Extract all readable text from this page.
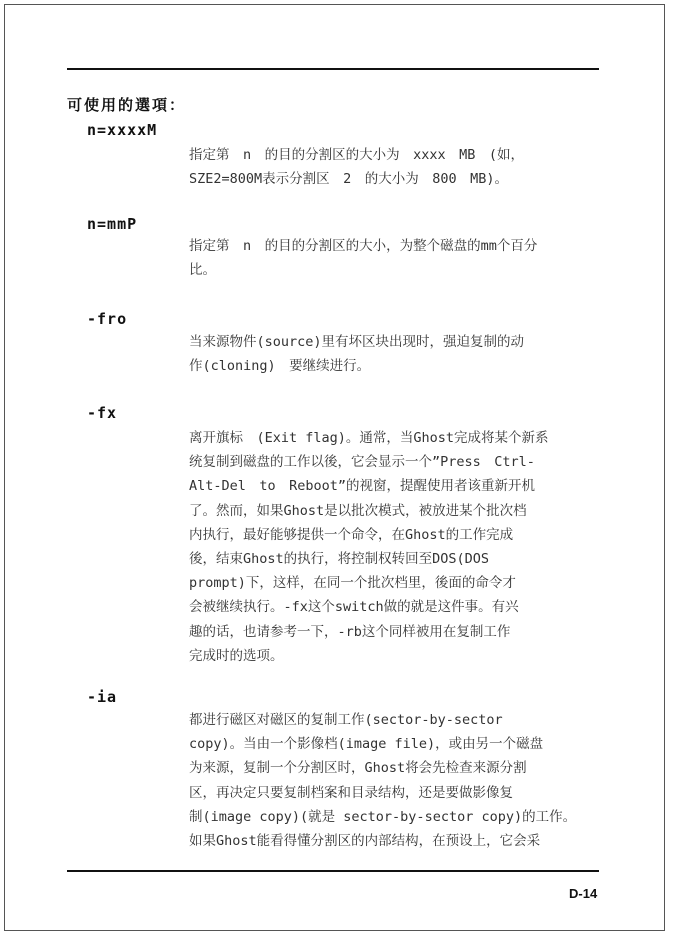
可使用的選項：
n=xxxxM
指定第　n　的目的分割区的大小为　xxxx　MB　(如，
SZE2=800M表示分割区　2　的大小为　800　MB)。
n=mmP
指定第　n　的目的分割区的大小，为整个磁盘的mm个百分
比。
-fro
当来源物件(source)里有坏区块出现时，强迫复制的动
作(cloning)　要继续进行。
-fx
离开旗标　(Exit flag)。通常，当Ghost完成将某个新系
统复制到磁盘的工作以後，它会显示一个”Press　Ctrl-
Alt-Del　to　Reboot”的视窗，提醒使用者该重新开机
了。然而，如果Ghost是以批次模式，被放进某个批次档
内执行，最好能够提供一个命令，在Ghost的工作完成
後，结束Ghost的执行，将控制权转回至DOS(DOS
prompt)下，这样，在同一个批次档里，後面的命令才
会被继续执行。-fx这个switch做的就是这件事。有兴
趣的话，也请参考一下，-rb这个同样被用在复制工作
完成时的选项。
-ia
都进行磁区对磁区的复制工作(sector-by-sector
copy)。当由一个影像档(image file)，或由另一个磁盘
为来源，复制一个分割区时，Ghost将会先检查来源分割
区，再决定只要复制档案和目录结构，还是要做影像复
制(image copy)(就是 sector-by-sector copy)的工作。
如果Ghost能看得懂分割区的内部结构，在预设上，它会采
D-14
